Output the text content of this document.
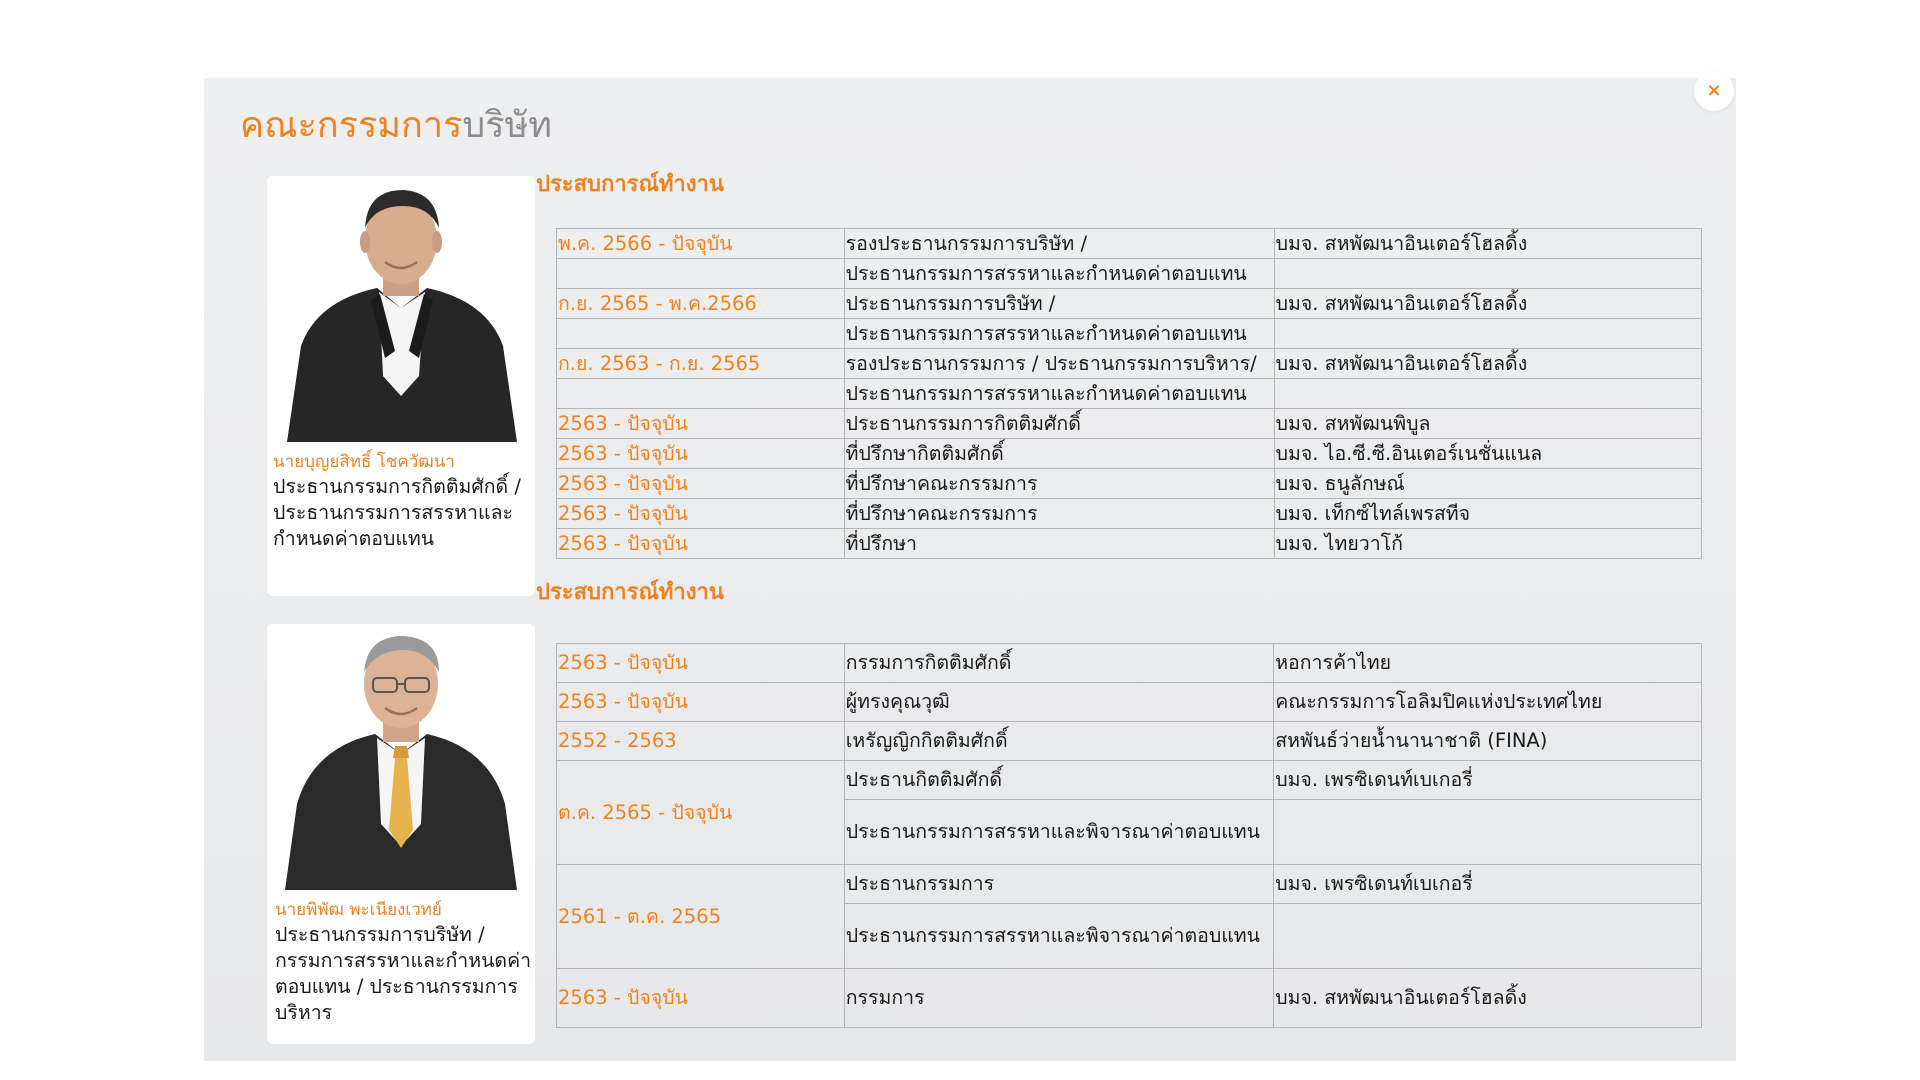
×
คณะกรรมการบริษัท
นายบุญยสิทธิ์ โชควัฒนา
ประธานกรรมการกิตติมศักดิ์ / ประธานกรรมการสรรหาและกำหนดค่าตอบแทน
ประสบการณ์ทำงาน
พ.ค. 2566 - ปัจจุบัน	รองประธานกรรมการบริษัท /	บมจ. สหพัฒนาอินเตอร์โฮลดิ้ง
	ประธานกรรมการสรรหาและกำหนดค่าตอบแทน	
ก.ย. 2565 - พ.ค.2566	ประธานกรรมการบริษัท /	บมจ. สหพัฒนาอินเตอร์โฮลดิ้ง
	ประธานกรรมการสรรหาและกำหนดค่าตอบแทน	
ก.ย. 2563 - ก.ย. 2565	รองประธานกรรมการ / ประธานกรรมการบริหาร/	บมจ. สหพัฒนาอินเตอร์โฮลดิ้ง
	ประธานกรรมการสรรหาและกำหนดค่าตอบแทน	
2563 - ปัจจุบัน	ประธานกรรมการกิตติมศักดิ์	บมจ. สหพัฒนพิบูล
2563 - ปัจจุบัน	ที่ปรึกษากิตติมศักดิ์	บมจ. ไอ.ซี.ซี.อินเตอร์เนชั่นแนล
2563 - ปัจจุบัน	ที่ปรึกษาคณะกรรมการ	บมจ. ธนูลักษณ์
2563 - ปัจจุบัน	ที่ปรึกษาคณะกรรมการ	บมจ. เท็กซ์ไทล์เพรสทีจ
2563 - ปัจจุบัน	ที่ปรึกษา	บมจ. ไทยวาโก้
นายพิพัฒ พะเนียงเวทย์
ประธานกรรมการบริษัท / กรรมการสรรหาและกำหนดค่าตอบแทน / ประธานกรรมการบริหาร
ประสบการณ์ทำงาน
2563 - ปัจจุบัน	กรรมการกิตติมศักดิ์	หอการค้าไทย
2563 - ปัจจุบัน	ผู้ทรงคุณวุฒิ	คณะกรรมการโอลิมปิคแห่งประเทศไทย
2552 - 2563	เหรัญญิกกิตติมศักดิ์	สหพันธ์ว่ายน้ำนานาชาติ (FINA)
ต.ค. 2565 - ปัจจุบัน	ประธานกิตติมศักดิ์	บมจ. เพรซิเดนท์เบเกอรี่
	ประธานกรรมการสรรหาและพิจารณาค่าตอบแทน	
2561 - ต.ค. 2565	ประธานกรรมการ	บมจ. เพรซิเดนท์เบเกอรี่
	ประธานกรรมการสรรหาและพิจารณาค่าตอบแทน	
2563 - ปัจจุบัน	กรรมการ	บมจ. สหพัฒนาอินเตอร์โฮลดิ้ง
